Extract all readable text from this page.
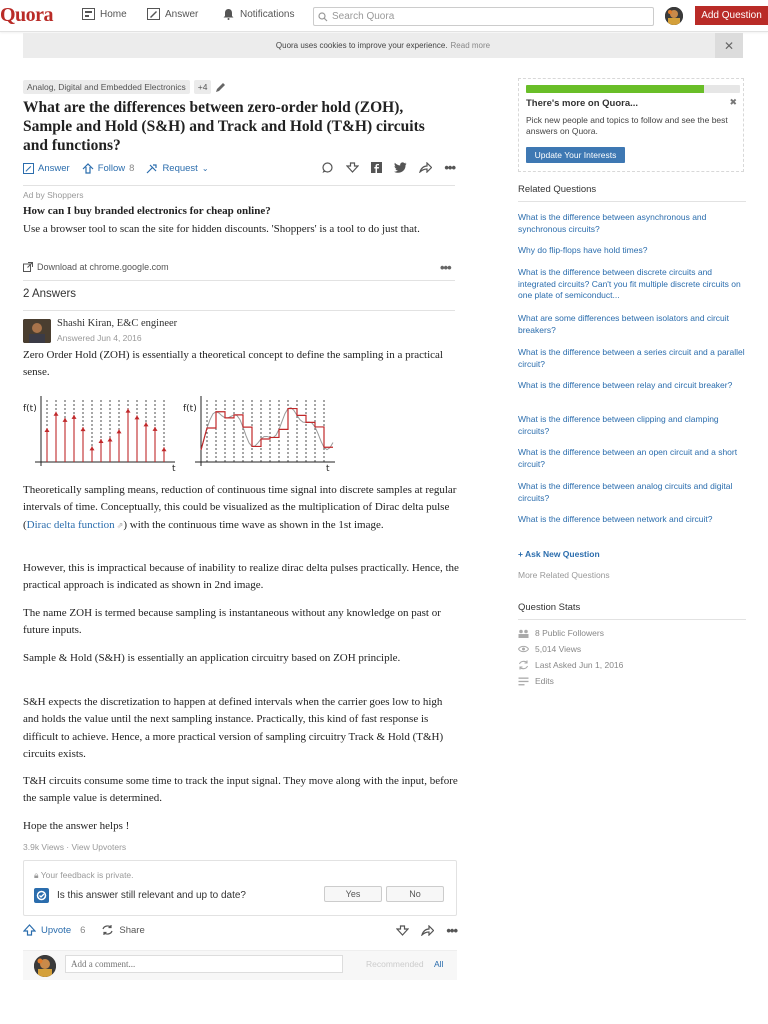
Quora	Home	Answer	Notifications
Search Quora	Add Question
Quora uses cookies to improve your experience. Read more	✕
Analog, Digital and Embedded Electronics	+4
What are the differences between zero-order hold (ZOH), Sample and Hold (S&H) and Track and Hold (T&H) circuits and functions?
Answer	Follow 8	Request ⌄	•••
Ad by Shoppers
How can I buy branded electronics for cheap online?
Use a browser tool to scan the site for hidden discounts. 'Shoppers' is a tool to do just that.
Download at chrome.google.com	•••
2 Answers
Shashi Kiran, E&C engineer
Answered Jun 4, 2016
Zero Order Hold (ZOH) is essentially a theoretical concept to define the sampling in a practical sense.
f(t)
t
f(t)
t
Theoretically sampling means, reduction of continuous time signal into discrete samples at regular intervals of time. Conceptually, this could be visualized as the multiplication of Dirac delta pulse (Dirac delta function ⇗) with the continuous time wave as shown in the 1st image.
However, this is impractical because of inability to realize dirac delta pulses practically. Hence, the practical approach is indicated as shown in 2nd image.
The name ZOH is termed because sampling is instantaneous without any knowledge on past or future inputs.
Sample & Hold (S&H) is essentially an application circuitry based on ZOH principle.
S&H expects the discretization to happen at defined intervals when the carrier goes low to high and holds the value until the next sampling instance. Practically, this kind of fast response is difficult to achieve. Hence, a more practical version of sampling circuitry Track & Hold (T&H) circuits exists.
T&H circuits consume some time to track the input signal. They move along with the input, before the sample value is determined.
Hope the answer helps !
3.9k Views · View Upvoters
🔒︎ Your feedback is private.
Is this answer still relevant and up to date?	Yes	No
Upvote 6	Share	•••
Add a comment...
Recommended All
There's more on Quora...	✖

Pick new people and topics to follow and see the best answers on Quora.

Update Your Interests
Related Questions
What is the difference between asynchronous and synchronous circuits?
Why do flip-flops have hold times?
What is the difference between discrete circuits and integrated circuits? Can't you fit multiple discrete circuits on one plate of semiconduct...
What are some differences between isolators and circuit breakers?
What is the difference between a series circuit and a parallel circuit?
What is the difference between relay and circuit breaker?
What is the difference between clipping and clamping circuits?
What is the difference between an open circuit and a short circuit?
What is the difference between analog circuits and digital circuits?
What is the difference between network and circuit?
+ Ask New Question
More Related Questions
Question Stats
8 Public Followers
5,014 Views
Last Asked Jun 1, 2016
Edits
